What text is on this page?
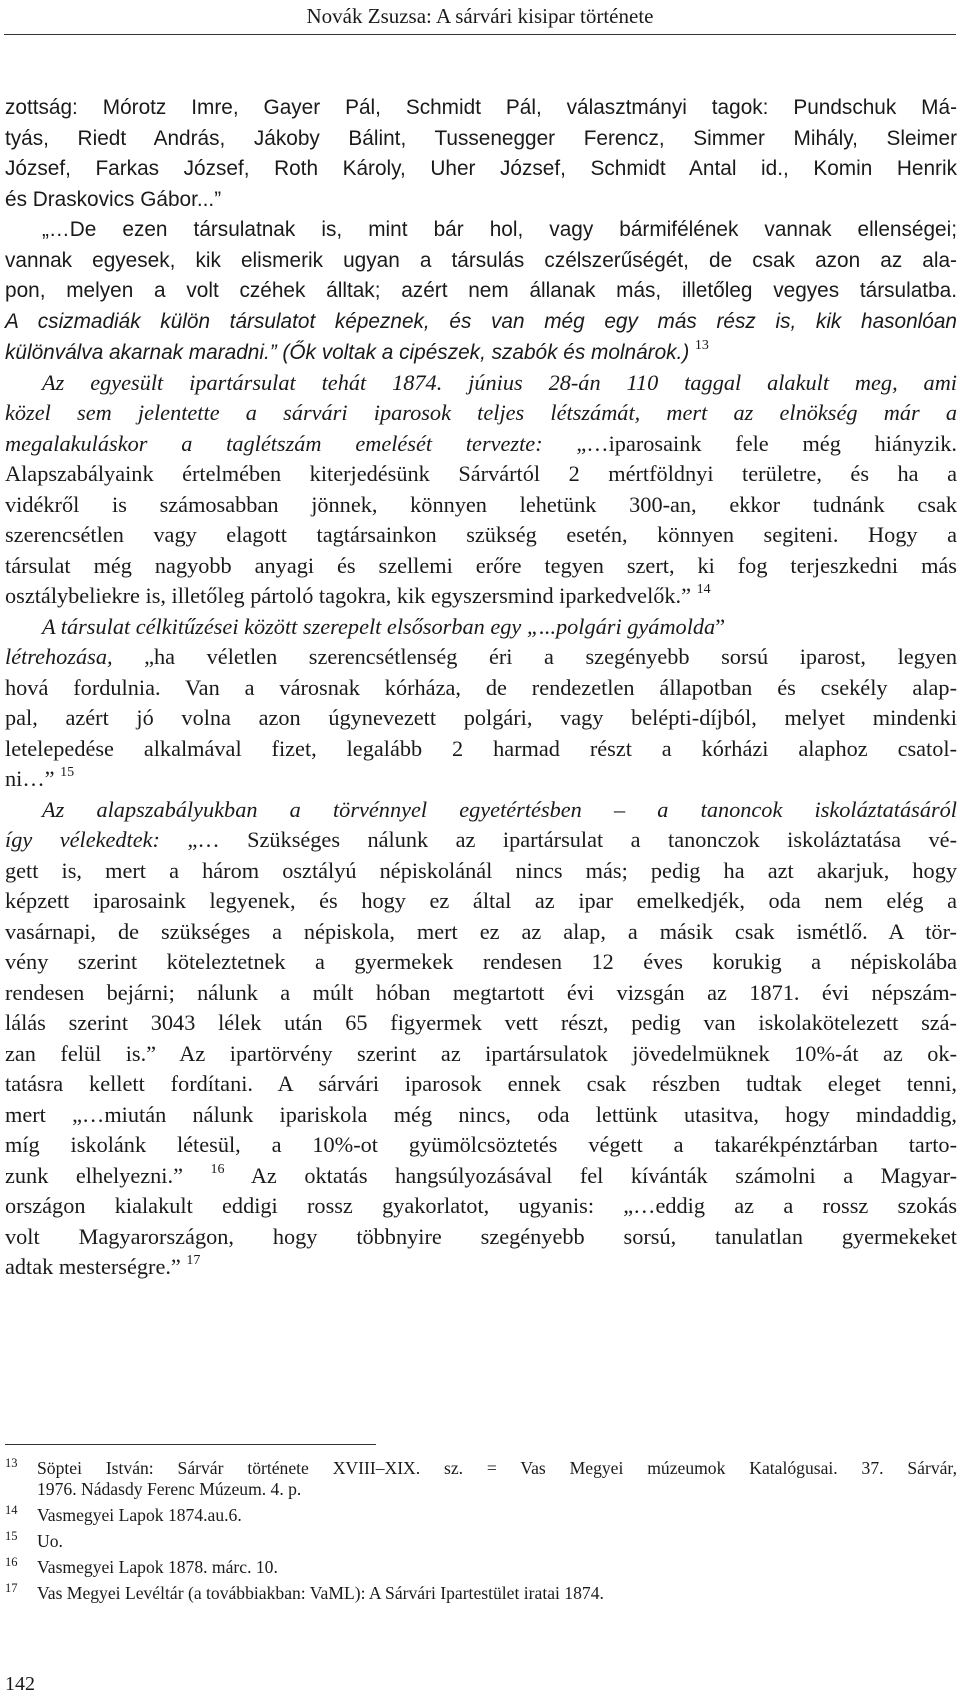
Novák Zsuzsa: A sárvári kisipar története
zottság: Mórotz Imre, Gayer Pál, Schmidt Pál, választmányi tagok: Pundschuk Má-
tyás, Riedt András, Jákoby Bálint, Tussenegger Ferencz, Simmer Mihály, Sleimer
József, Farkas József, Roth Károly, Uher József, Schmidt Antal id., Komin Henrik
és Draskovics Gábor...”
„…De ezen társulatnak is, mint bár hol, vagy bármifélének vannak ellenségei;
vannak egyesek, kik elismerik ugyan a társulás czélszerűségét, de csak azon az ala-
pon, melyen a volt czéhek álltak; azért nem állanak más, illetőleg vegyes társulatba.
A csizmadiák külön társulatot képeznek, és van még egy más rész is, kik hasonlóan
különválva akarnak maradni.” (Ők voltak a cipészek, szabók és molnárok.) $^{13}$
Az egyesült ipartársulat tehát 1874. június 28-án 110 taggal alakult meg, ami
közel sem jelentette a sárvári iparosok teljes létszámát, mert az elnökség már a
megalakuláskor a taglétszám emelését tervezte: „…iparosaink fele még hiányzik.
Alapszabályaink értelmében kiterjedésünk Sárvártól 2 mértföldnyi területre, és ha a
vidékről is számosabban jönnek, könnyen lehetünk 300-an, ekkor tudnánk csak
szerencsétlen vagy elagott tagtársainkon szükség esetén, könnyen segiteni. Hogy a
társulat még nagyobb anyagi és szellemi erőre tegyen szert, ki fog terjeszkedni más
osztálybeliekre is, illetőleg pártoló tagokra, kik egyszersmind iparkedvelők.” $^{14}$
A társulat célkitűzései között szerepelt elsősorban egy „...polgári gyámolda”
létrehozása, „ha véletlen szerencsétlenség éri a szegényebb sorsú iparost, legyen
hová fordulnia. Van a városnak kórháza, de rendezetlen állapotban és csekély alap-
pal, azért jó volna azon úgynevezett polgári, vagy belépti-díjból, melyet mindenki
letelepedése alkalmával fizet, legalább 2 harmad részt a kórházi alaphoz csatol-
ni…” $^{15}$
Az alapszabályukban a törvénnyel egyetértésben – a tanoncok iskoláztatásáról
így vélekedtek: „… Szükséges nálunk az ipartársulat a tanonczok iskoláztatása vé-
gett is, mert a három osztályú népiskolánál nincs más; pedig ha azt akarjuk, hogy
képzett iparosaink legyenek, és hogy ez által az ipar emelkedjék, oda nem elég a
vasárnapi, de szükséges a népiskola, mert ez az alap, a másik csak ismétlő. A tör-
vény szerint köteleztetnek a gyermekek rendesen 12 éves korukig a népiskolába
rendesen bejárni; nálunk a múlt hóban megtartott évi vizsgán az 1871. évi népszám-
lálás szerint 3043 lélek után 65 figyermek vett részt, pedig van iskolakötelezett szá-
zan felül is.” Az ipartörvény szerint az ipartársulatok jövedelmüknek 10%-át az ok-
tatásra kellett fordítani. A sárvári iparosok ennek csak részben tudtak eleget tenni,
mert „…miután nálunk ipariskola még nincs, oda lettünk utasitva, hogy mindaddig,
míg iskolánk létesül, a 10%-ot gyümölcsöztetés végett a takarékpénztárban tarto-
zunk elhelyezni.” $^{16}$ Az oktatás hangsúlyozásával fel kívánták számolni a Magyar-
országon kialakult eddigi rossz gyakorlatot, ugyanis: „…eddig az a rossz szokás
volt Magyarországon, hogy többnyire szegényebb sorsú, tanulatlan gyermekeket
adtak mesterségre.” $^{17}$
13 Söptei István: Sárvár története XVIII–XIX. sz. = Vas Megyei múzeumok Katalógusai. 37. Sárvár,
1976. Nádasdy Ferenc Múzeum. 4. p.
14 Vasmegyei Lapok 1874.au.6.
15 Uo.
16 Vasmegyei Lapok 1878. márc. 10.
17 Vas Megyei Levéltár (a továbbiakban: VaML): A Sárvári Ipartestület iratai 1874.
142
